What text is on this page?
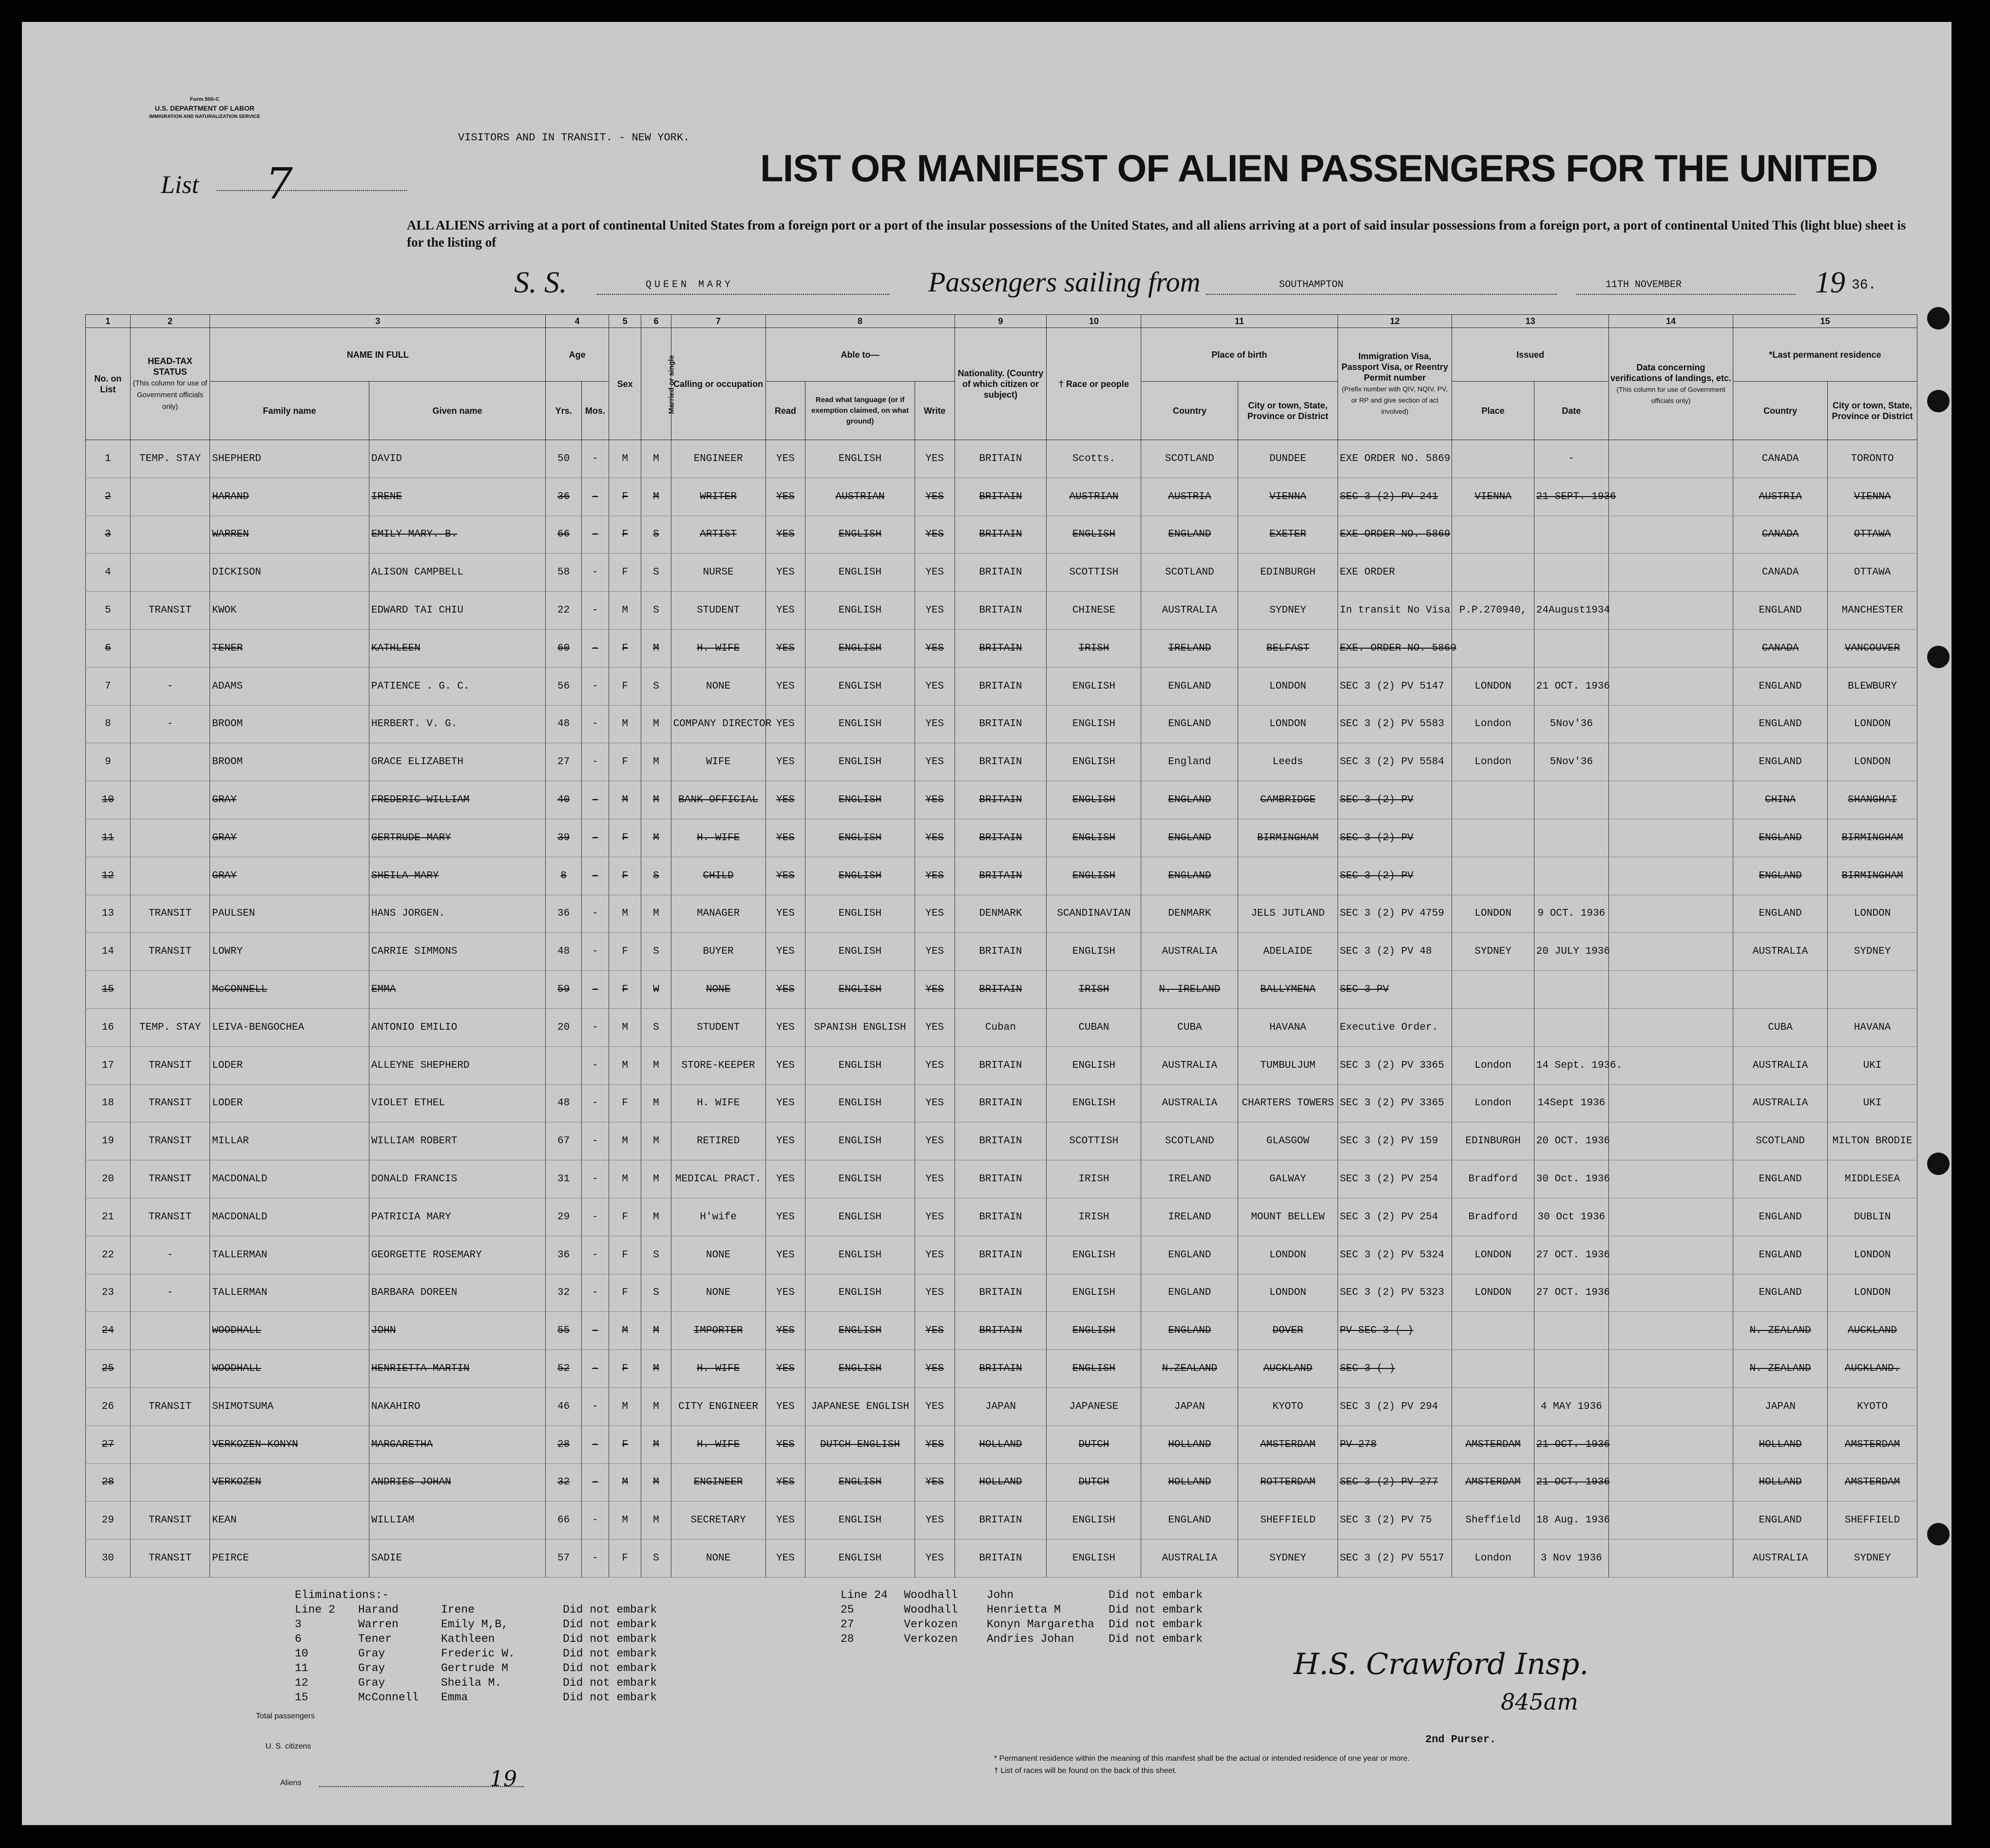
Form 500-C
U.S. DEPARTMENT OF LABOR
IMMIGRATION AND NATURALIZATION SERVICE
List 7
VISITORS AND IN TRANSIT. - NEW YORK.
LIST OR MANIFEST OF ALIEN PASSENGERS FOR THE UNITED
ALL ALIENS arriving at a port of continental United States from a foreign port or a port of the insular possessions of the United States, and all aliens arriving at a port of said insular possessions from a foreign port, a port of continental United This (light blue) sheet is for the listing of
S. S.	QUEEN MARY	Passengers sailing from	SOUTHAMPTON	11TH NOVEMBER	19 36.
1	2	3		4		5	6	7	8			9	10	11		12	13		14	15	
No. on List	HEAD-TAX STATUS
(This column for use of Government officials only)	NAME IN FULL		Age		Sex	Married or single	Calling or occupation	Able to—			Nationality. (Country of which citizen or subject)	† Race or people	Place of birth		Immigration Visa, Passport Visa, or Reentry Permit number
(Prefix number with QIV, NQIV, PV, or RP and give section of act involved)	Issued		Data concerning verifications of landings, etc.
(This column for use of Government officials only)	*Last permanent residence	
		Family name	Given name	Yrs.	Mos.				Read	Read what language (or if exemption claimed, on what ground)	Write			Country	City or town, State, Province or District		Place	Date		Country	City or town, State, Province or District
1	TEMP. STAY	SHEPHERD	DAVID	50	-	M	M	ENGINEER	YES	ENGLISH	YES	BRITAIN	Scotts.	SCOTLAND	DUNDEE	EXE ORDER NO. 5869		-		CANADA	TORONTO
2		HARAND	IRENE	36	-	F	M	WRITER	YES	AUSTRIAN	YES	BRITAIN	AUSTRIAN	AUSTRIA	VIENNA	SEC 3 (2) PV 241	VIENNA	21 SEPT. 1936		AUSTRIA	VIENNA
3		WARREN	EMILY MARY. B.	66	-	F	S	ARTIST	YES	ENGLISH	YES	BRITAIN	ENGLISH	ENGLAND	EXETER	EXE ORDER NO. 5869				CANADA	OTTAWA
4		DICKISON	ALISON CAMPBELL	58	-	F	S	NURSE	YES	ENGLISH	YES	BRITAIN	SCOTTISH	SCOTLAND	EDINBURGH	EXE ORDER				CANADA	OTTAWA
5	TRANSIT	KWOK	EDWARD TAI CHIU	22	-	M	S	STUDENT	YES	ENGLISH	YES	BRITAIN	CHINESE	AUSTRALIA	SYDNEY	In transit No Visa	P.P.270940,	24August1934		ENGLAND	MANCHESTER
6		TENER	KATHLEEN	60	-	F	M	H. WIFE	YES	ENGLISH	YES	BRITAIN	IRISH	IRELAND	BELFAST	EXE. ORDER NO. 5869				CANADA	VANCOUVER
7	-	ADAMS	PATIENCE . G. C.	56	-	F	S	NONE	YES	ENGLISH	YES	BRITAIN	ENGLISH	ENGLAND	LONDON	SEC 3 (2) PV 5147	LONDON	21 OCT. 1936		ENGLAND	BLEWBURY
8	-	BROOM	HERBERT. V. G.	48	-	M	M	COMPANY DIRECTOR	YES	ENGLISH	YES	BRITAIN	ENGLISH	ENGLAND	LONDON	SEC 3 (2) PV 5583	London	5Nov'36		ENGLAND	LONDON
9		BROOM	GRACE ELIZABETH	27	-	F	M	WIFE	YES	ENGLISH	YES	BRITAIN	ENGLISH	England	Leeds	SEC 3 (2) PV 5584	London	5Nov'36		ENGLAND	LONDON
10		GRAY	FREDERIC WILLIAM	40	-	M	M	BANK OFFICIAL	YES	ENGLISH	YES	BRITAIN	ENGLISH	ENGLAND	CAMBRIDGE	SEC 3 (2) PV				CHINA	SHANGHAI
11		GRAY	GERTRUDE MARY	39	-	F	M	H. WIFE	YES	ENGLISH	YES	BRITAIN	ENGLISH	ENGLAND	BIRMINGHAM	SEC 3 (2) PV				ENGLAND	BIRMINGHAM
12		GRAY	SHEILA MARY	8	-	F	S	CHILD	YES	ENGLISH	YES	BRITAIN	ENGLISH	ENGLAND		SEC 3 (2) PV				ENGLAND	BIRMINGHAM
13	TRANSIT	PAULSEN	HANS JORGEN.	36	-	M	M	MANAGER	YES	ENGLISH	YES	DENMARK	SCANDINAVIAN	DENMARK	JELS JUTLAND	SEC 3 (2) PV 4759	LONDON	9 OCT. 1936		ENGLAND	LONDON
14	TRANSIT	LOWRY	CARRIE SIMMONS	48	-	F	S	BUYER	YES	ENGLISH	YES	BRITAIN	ENGLISH	AUSTRALIA	ADELAIDE	SEC 3 (2) PV 48	SYDNEY	20 JULY 1936		AUSTRALIA	SYDNEY
15		McCONNELL	EMMA	59	-	F	W	NONE	YES	ENGLISH	YES	BRITAIN	IRISH	N. IRELAND	BALLYMENA	SEC 3 PV					
16	TEMP. STAY	LEIVA-BENGOCHEA	ANTONIO EMILIO	20	-	M	S	STUDENT	YES	SPANISH ENGLISH	YES	Cuban	CUBAN	CUBA	HAVANA	Executive Order.				CUBA	HAVANA
17	TRANSIT	LODER	ALLEYNE SHEPHERD		-	M	M	STORE-KEEPER	YES	ENGLISH	YES	BRITAIN	ENGLISH	AUSTRALIA	TUMBULJUM	SEC 3 (2) PV 3365	London	14 Sept. 1936.		AUSTRALIA	UKI
18	TRANSIT	LODER	VIOLET ETHEL	48	-	F	M	H. WIFE	YES	ENGLISH	YES	BRITAIN	ENGLISH	AUSTRALIA	CHARTERS TOWERS	SEC 3 (2) PV 3365	London	14Sept 1936		AUSTRALIA	UKI
19	TRANSIT	MILLAR	WILLIAM ROBERT	67	-	M	M	RETIRED	YES	ENGLISH	YES	BRITAIN	SCOTTISH	SCOTLAND	GLASGOW	SEC 3 (2) PV 159	EDINBURGH	20 OCT. 1936		SCOTLAND	MILTON BRODIE
20	TRANSIT	MACDONALD	DONALD FRANCIS	31	-	M	M	MEDICAL PRACT.	YES	ENGLISH	YES	BRITAIN	IRISH	IRELAND	GALWAY	SEC 3 (2) PV 254	Bradford	30 Oct. 1936		ENGLAND	MIDDLESEA
21	TRANSIT	MACDONALD	PATRICIA MARY	29	-	F	M	H'wife	YES	ENGLISH	YES	BRITAIN	IRISH	IRELAND	MOUNT BELLEW	SEC 3 (2) PV 254	Bradford	30 Oct 1936		ENGLAND	DUBLIN
22	-	TALLERMAN	GEORGETTE ROSEMARY	36	-	F	S	NONE	YES	ENGLISH	YES	BRITAIN	ENGLISH	ENGLAND	LONDON	SEC 3 (2) PV 5324	LONDON	27 OCT. 1936		ENGLAND	LONDON
23	-	TALLERMAN	BARBARA DOREEN	32	-	F	S	NONE	YES	ENGLISH	YES	BRITAIN	ENGLISH	ENGLAND	LONDON	SEC 3 (2) PV 5323	LONDON	27 OCT. 1936		ENGLAND	LONDON
24		WOODHALL	JOHN	55	-	M	M	IMPORTER	YES	ENGLISH	YES	BRITAIN	ENGLISH	ENGLAND	DOVER	PV SEC 3 ( )				N. ZEALAND	AUCKLAND
25		WOODHALL	HENRIETTA MARTIN	52	-	F	M	H. WIFE	YES	ENGLISH	YES	BRITAIN	ENGLISH	N.ZEALAND	AUCKLAND	SEC 3 ( )				N. ZEALAND	AUCKLAND.
26	TRANSIT	SHIMOTSUMA	NAKAHIRO	46	-	M	M	CITY ENGINEER	YES	JAPANESE ENGLISH	YES	JAPAN	JAPANESE	JAPAN	KYOTO	SEC 3 (2) PV 294		4 MAY 1936		JAPAN	KYOTO
27		VERKOZEN-KONYN	MARGARETHA	28	-	F	M	H. WIFE	YES	DUTCH ENGLISH	YES	HOLLAND	DUTCH	HOLLAND	AMSTERDAM	PV 278	AMSTERDAM	21 OCT. 1936		HOLLAND	AMSTERDAM
28		VERKOZEN	ANDRIES JOHAN	32	-	M	M	ENGINEER	YES	ENGLISH	YES	HOLLAND	DUTCH	HOLLAND	ROTTERDAM	SEC 3 (2) PV 277	AMSTERDAM	21 OCT. 1936		HOLLAND	AMSTERDAM
29	TRANSIT	KEAN	WILLIAM	66	-	M	M	SECRETARY	YES	ENGLISH	YES	BRITAIN	ENGLISH	ENGLAND	SHEFFIELD	SEC 3 (2) PV 75	Sheffield	18 Aug. 1936		ENGLAND	SHEFFIELD
30	TRANSIT	PEIRCE	SADIE	57	-	F	S	NONE	YES	ENGLISH	YES	BRITAIN	ENGLISH	AUSTRALIA	SYDNEY	SEC 3 (2) PV 5517	London	3 Nov 1936		AUSTRALIA	SYDNEY
Eliminations:-
Line 2 Harand	Irene	Did not embark
3	Warren	Emily M,B,	Did not embark
6	Tener	Kathleen	Did not embark
10	Gray	Frederic W.	Did not embark
11	Gray	Gertrude M	Did not embark
12	Gray	Sheila M.	Did not embark
15	McConnell Emma	Did not embark
Line 24 Woodhall	John	Did not embark
25	Woodhall	Henrietta M	Did not embark
27	Verkozen	Konyn Margaretha Did not embark
28	Verkozen	Andries Johan	Did not embark
Total passengers
U. S. citizens
Aliens	19
H.S. Crawford Insp.
845am
2nd Purser.
* Permanent residence within the meaning of this manifest shall be the actual or intended residence of one year or more.
† List of races will be found on the back of this sheet.
